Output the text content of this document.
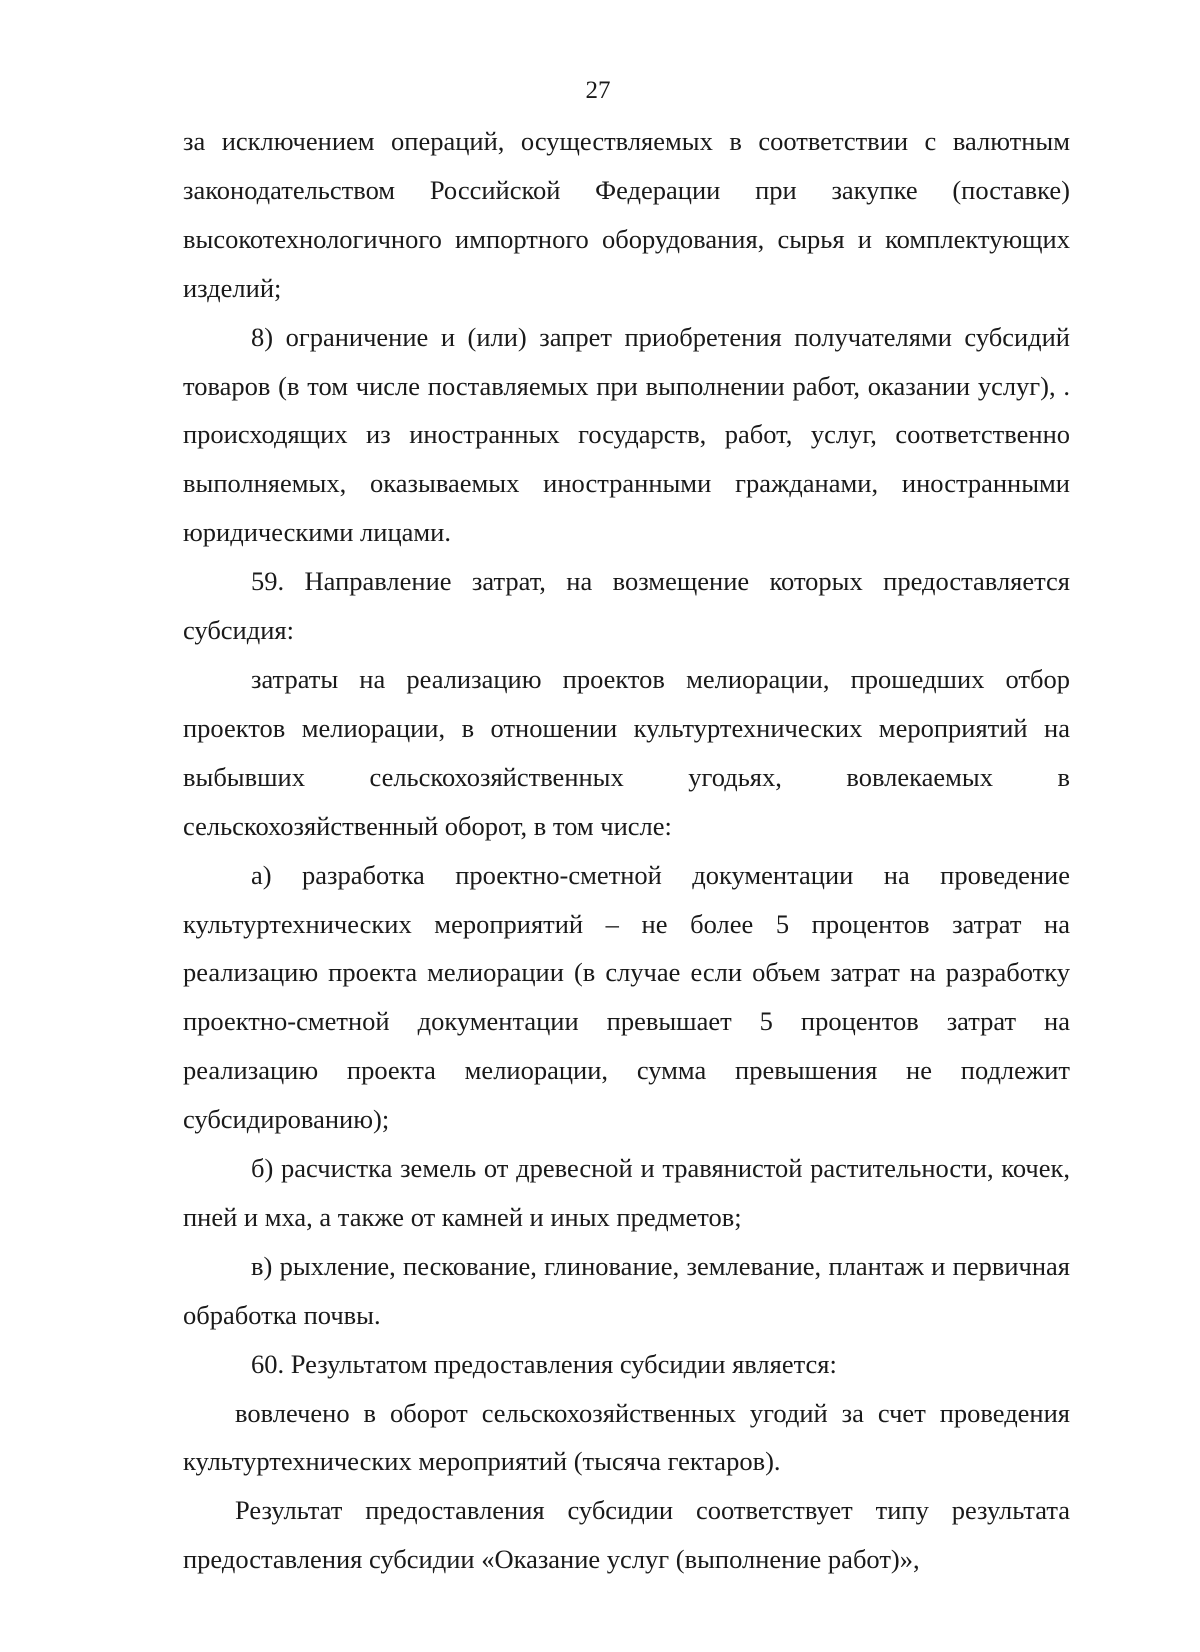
27

за исключением операций, осуществляемых в соответствии с валютным законодательством Российской Федерации при закупке (поставке) высокотехнологичного импортного оборудования, сырья и комплектующих изделий;

8) ограничение и (или) запрет приобретения получателями субсидий товаров (в том числе поставляемых при выполнении работ, оказании услуг), . происходящих из иностранных государств, работ, услуг, соответственно выполняемых, оказываемых иностранными гражданами, иностранными юридическими лицами.

59. Направление затрат, на возмещение которых предоставляется субсидия:

затраты на реализацию проектов мелиорации, прошедших отбор проектов мелиорации, в отношении культуртехнических мероприятий на выбывших сельскохозяйственных угодьях, вовлекаемых в сельскохозяйственный оборот, в том числе:

а) разработка проектно-сметной документации на проведение культуртехнических мероприятий – не более 5 процентов затрат на реализацию проекта мелиорации (в случае если объем затрат на разработку проектно-сметной документации превышает 5 процентов затрат на реализацию проекта мелиорации, сумма превышения не подлежит субсидированию);

б) расчистка земель от древесной и травянистой растительности, кочек, пней и мха, а также от камней и иных предметов;

в) рыхление, пескование, глинование, землевание, плантаж и первичная обработка почвы.

60. Результатом предоставления субсидии является:

вовлечено в оборот сельскохозяйственных угодий за счет проведения культуртехнических мероприятий (тысяча гектаров).

Результат предоставления субсидии соответствует типу результата предоставления субсидии «Оказание услуг (выполнение работ)»,
